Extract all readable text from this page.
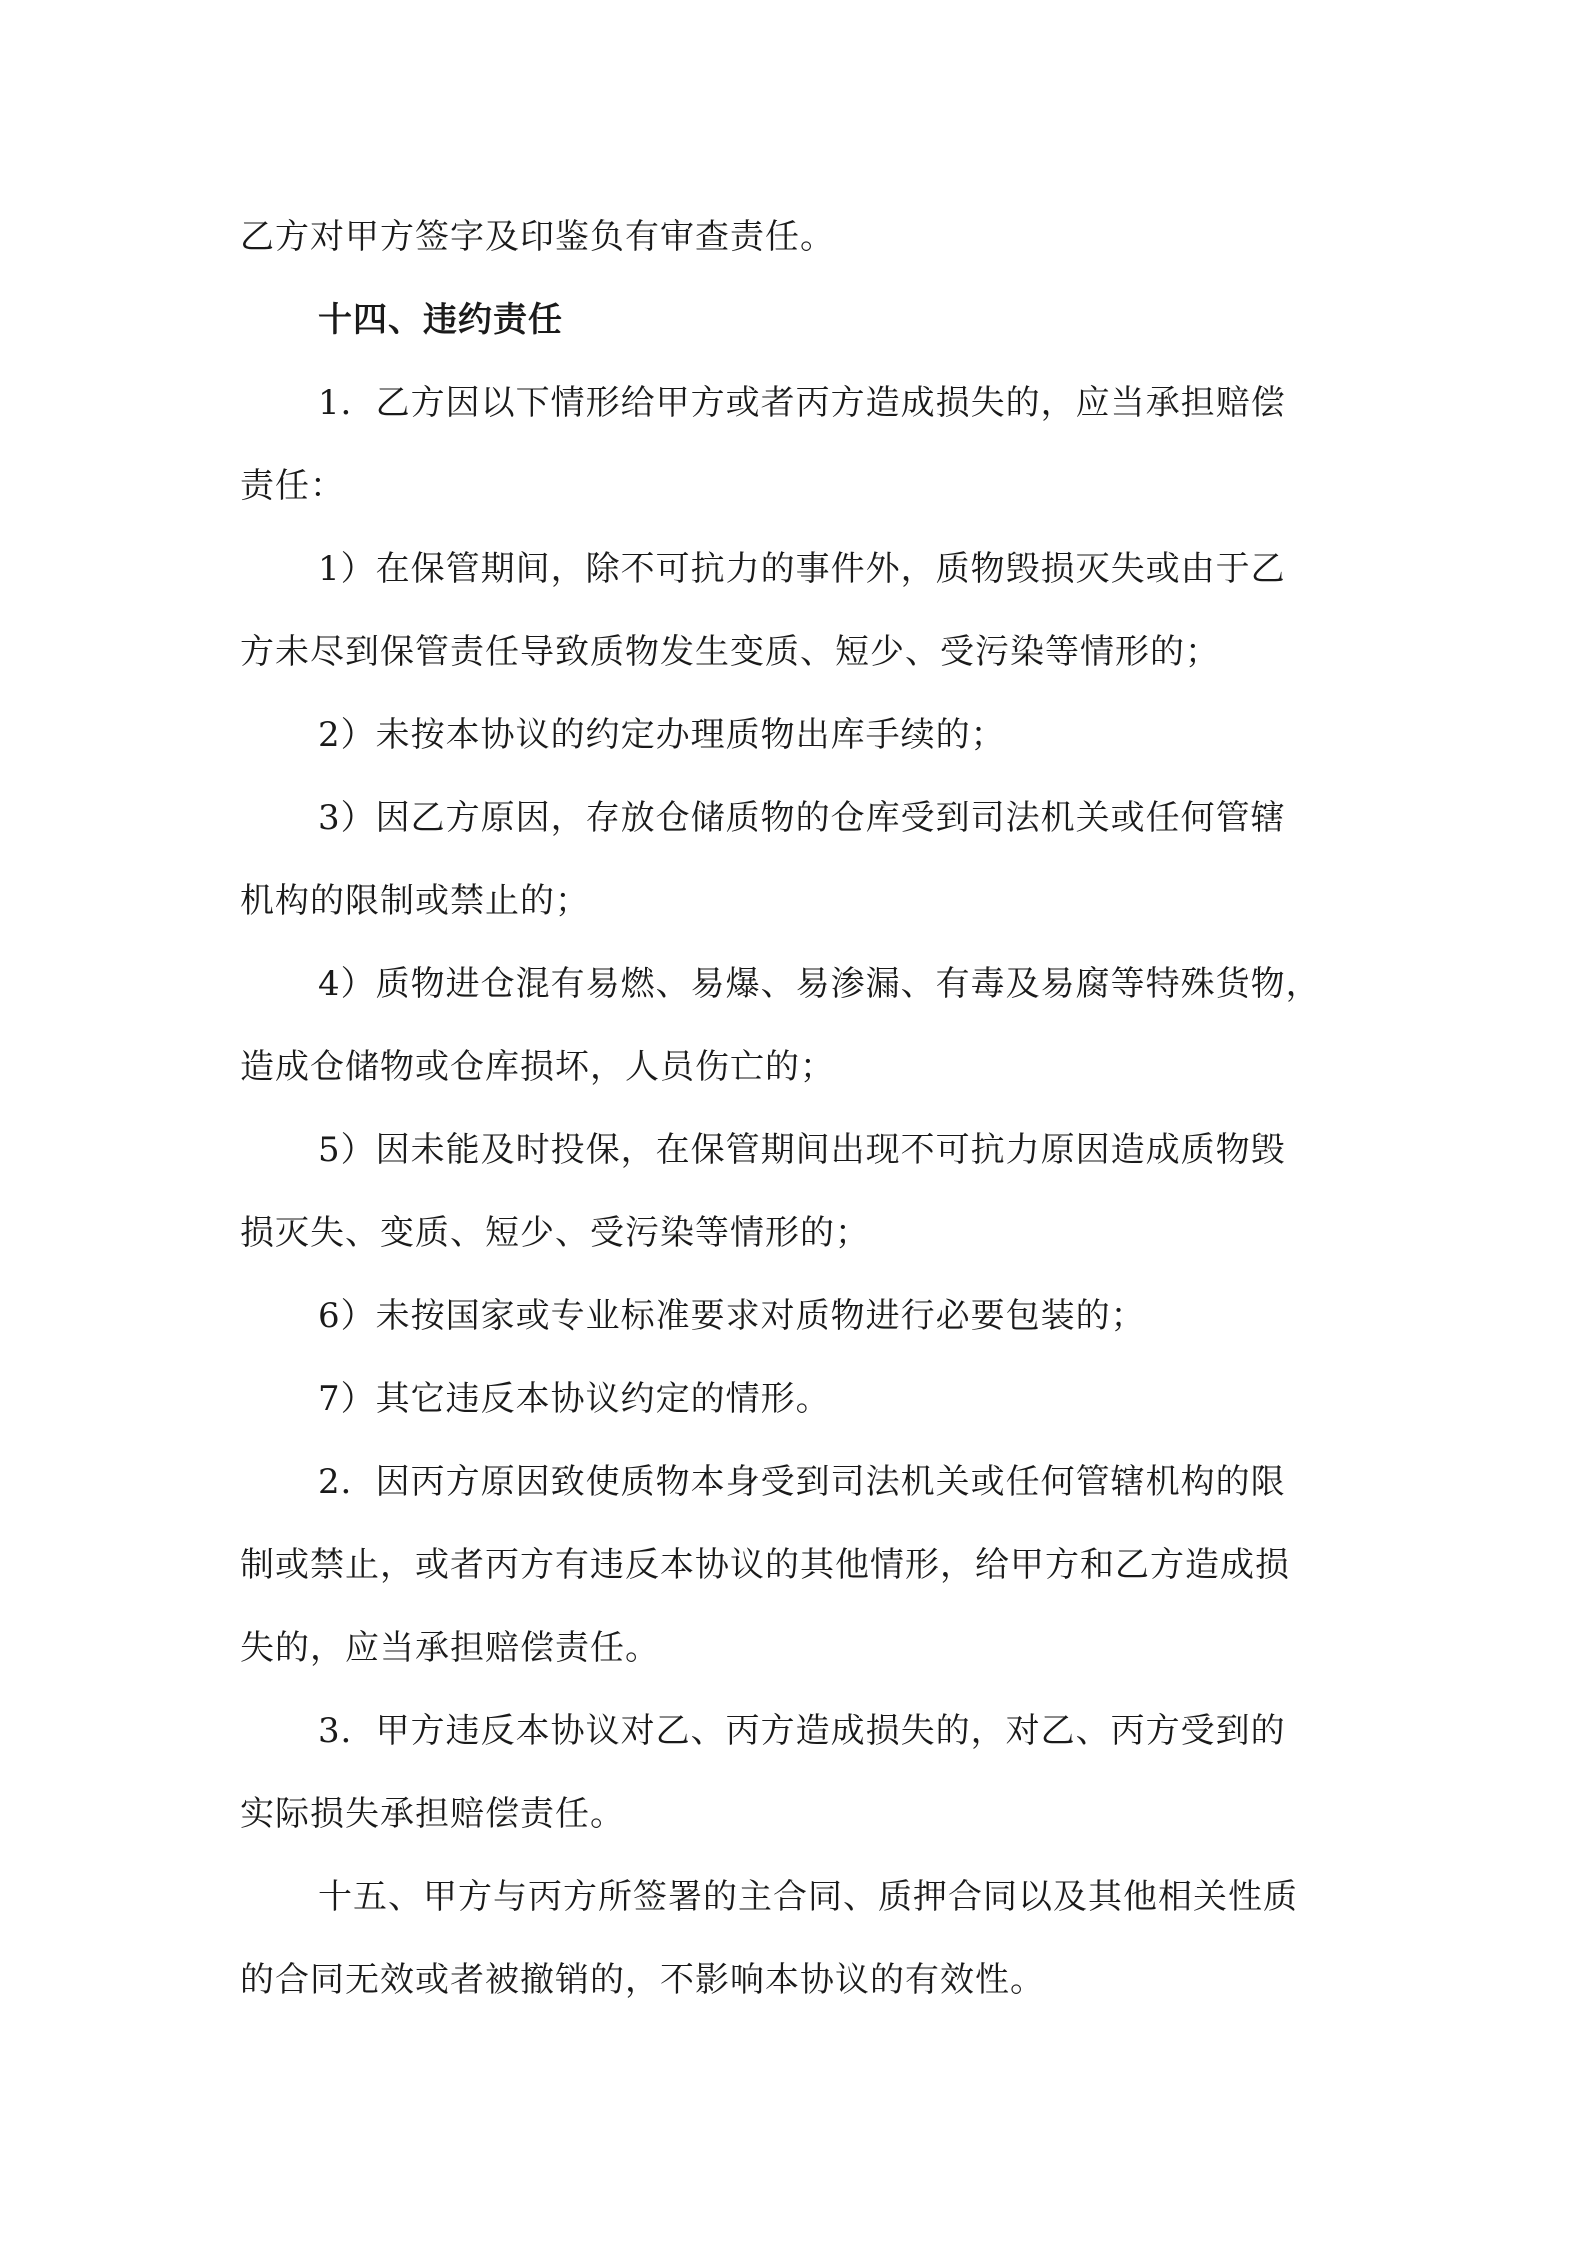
乙方对甲方签字及印鉴负有审查责任。
十四、违约责任
1．乙方因以下情形给甲方或者丙方造成损失的，应当承担赔偿
责任：
1）在保管期间，除不可抗力的事件外，质物毁损灭失或由于乙
方未尽到保管责任导致质物发生变质、短少、受污染等情形的；
2）未按本协议的约定办理质物出库手续的；
3）因乙方原因，存放仓储质物的仓库受到司法机关或任何管辖
机构的限制或禁止的；
4）质物进仓混有易燃、易爆、易渗漏、有毒及易腐等特殊货物，
造成仓储物或仓库损坏，人员伤亡的；
5）因未能及时投保，在保管期间出现不可抗力原因造成质物毁
损灭失、变质、短少、受污染等情形的；
6）未按国家或专业标准要求对质物进行必要包装的；
7）其它违反本协议约定的情形。
2．因丙方原因致使质物本身受到司法机关或任何管辖机构的限
制或禁止，或者丙方有违反本协议的其他情形，给甲方和乙方造成损
失的，应当承担赔偿责任。
3．甲方违反本协议对乙、丙方造成损失的，对乙、丙方受到的
实际损失承担赔偿责任。
十五、甲方与丙方所签署的主合同、质押合同以及其他相关性质
的合同无效或者被撤销的，不影响本协议的有效性。
